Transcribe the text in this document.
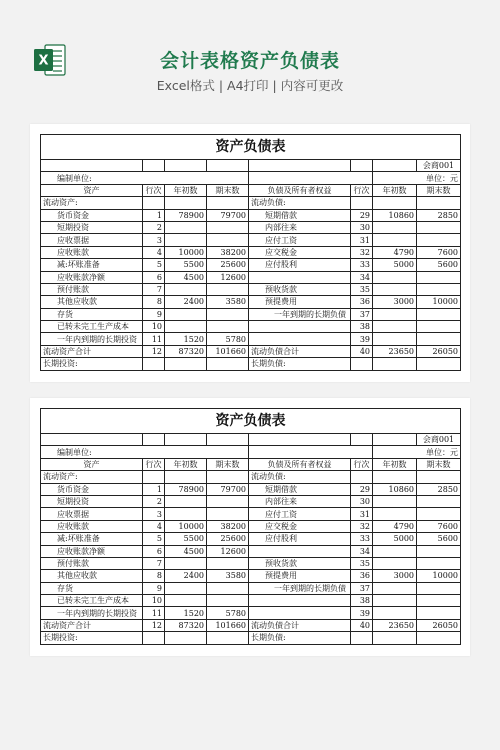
X	会计表格资产负债表
Excel格式 | A4打印 | 内容可更改
资产负债表							
							会商001
编制单位:						单位：元	
资产	行次	年初数	期末数	负债及所有者权益	行次	年初数	期末数
流动资产:				流动负债:			
货币资金	1	78900	79700	短期借款	29	10860	2850
短期投资	2			内部往来	30		
应收票据	3			应付工资	31		
应收账款	4	10000	38200	应交税金	32	4790	7600
减:坏账准备	5	5500	25600	应付股利	33	5000	5600
应收账款净额	6	4500	12600		34		
预付账款	7			预收货款	35		
其他应收款	8	2400	3580	预提费用	36	3000	10000
存货	9			一年到期的长期负债	37		
已转未完工生产成本	10				38		
一年内到期的长期投资	11	1520	5780		39		
流动资产合计	12	87320	101660	流动负债合计	40	23650	26050
长期投资:				长期负债:			
资产负债表							
							会商001
编制单位:						单位：元	
资产	行次	年初数	期末数	负债及所有者权益	行次	年初数	期末数
流动资产:				流动负债:			
货币资金	1	78900	79700	短期借款	29	10860	2850
短期投资	2			内部往来	30		
应收票据	3			应付工资	31		
应收账款	4	10000	38200	应交税金	32	4790	7600
减:坏账准备	5	5500	25600	应付股利	33	5000	5600
应收账款净额	6	4500	12600		34		
预付账款	7			预收货款	35		
其他应收款	8	2400	3580	预提费用	36	3000	10000
存货	9			一年到期的长期负债	37		
已转未完工生产成本	10				38		
一年内到期的长期投资	11	1520	5780		39		
流动资产合计	12	87320	101660	流动负债合计	40	23650	26050
长期投资:				长期负债:			
